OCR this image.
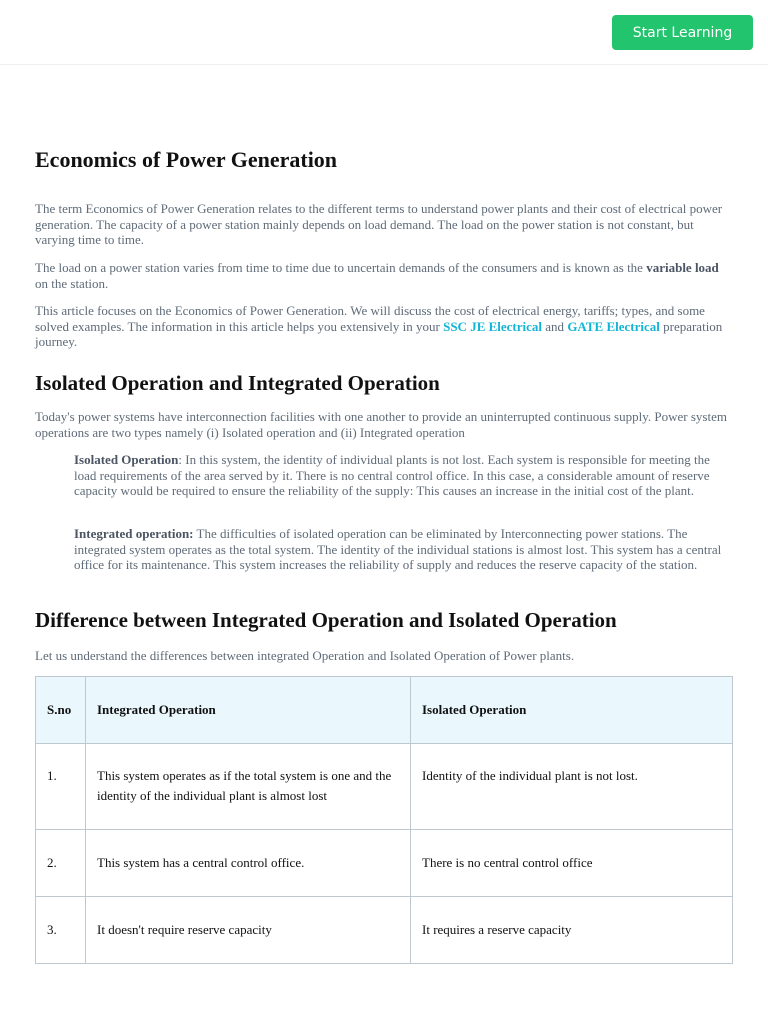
Start Learning
Economics of Power Generation

The term Economics of Power Generation relates to the different terms to understand power plants and their cost of electrical power generation. The capacity of a power station mainly depends on load demand. The load on the power station is not constant, but varying time to time.

The load on a power station varies from time to time due to uncertain demands of the consumers and is known as the variable load on the station.

This article focuses on the Economics of Power Generation. We will discuss the cost of electrical energy, tariffs; types, and some solved examples. The information in this article helps you extensively in your SSC JE Electrical and GATE Electrical preparation journey.

Isolated Operation and Integrated Operation

Today's power systems have interconnection facilities with one another to provide an uninterrupted continuous supply. Power system operations are two types namely (i) Isolated operation and (ii) Integrated operation

Isolated Operation: In this system, the identity of individual plants is not lost. Each system is responsible for meeting the load requirements of the area served by it. There is no central control office. In this case, a considerable amount of reserve capacity would be required to ensure the reliability of the supply: This causes an increase in the initial cost of the plant.

Integrated operation: The difficulties of isolated operation can be eliminated by Interconnecting power stations. The integrated system operates as the total system. The identity of the individual stations is almost lost. This system has a central office for its maintenance. This system increases the reliability of supply and reduces the reserve capacity of the station.

Difference between Integrated Operation and Isolated Operation

Let us understand the differences between integrated Operation and Isolated Operation of Power plants.

S.no	Integrated Operation	Isolated Operation
1.	This system operates as if the total system is one and the identity of the individual plant is almost lost	Identity of the individual plant is not lost.
2.	This system has a central control office.	There is no central control office
3.	It doesn't require reserve capacity	It requires a reserve capacity
